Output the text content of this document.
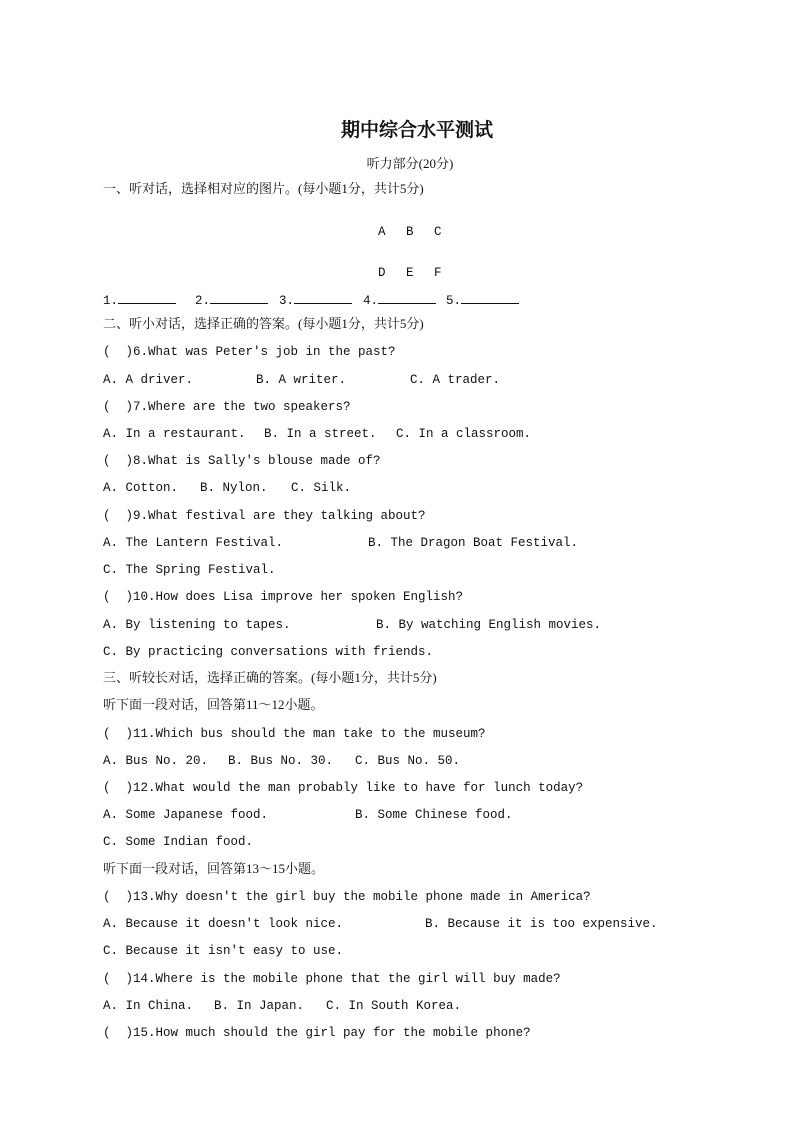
期中综合水平测试
听力部分(20分)
一、听对话，选择相对应的图片。(每小题1分，共计5分)
A B C
D E F
1.	2.	3.	4.	5.
二、听小对话，选择正确的答案。(每小题1分，共计5分)
(  )6.What was Peter's job in the past?
A. A driver.	B. A writer.	C. A trader.
(  )7.Where are the two speakers?
A. In a restaurant. B. In a street. C. In a classroom.
(  )8.What is Sally's blouse made of?
A. Cotton. B. Nylon. C. Silk.
(  )9.What festival are they talking about?
A. The Lantern Festival.	B. The Dragon Boat Festival.
C. The Spring Festival.
(  )10.How does Lisa improve her spoken English?
A. By listening to tapes.	B. By watching English movies.
C. By practicing conversations with friends.
三、听较长对话，选择正确的答案。(每小题1分，共计5分)
听下面一段对话，回答第11～12小题。
(  )11.Which bus should the man take to the museum?
A. Bus No. 20. B. Bus No. 30. C. Bus No. 50.
(  )12.What would the man probably like to have for lunch today?
A. Some Japanese food.	B. Some Chinese food.
C. Some Indian food.
听下面一段对话，回答第13～15小题。
(  )13.Why doesn't the girl buy the mobile phone made in America?
A. Because it doesn't look nice.	B. Because it is too expensive.
C. Because it isn't easy to use.
(  )14.Where is the mobile phone that the girl will buy made?
A. In China. B. In Japan. C. In South Korea.
(  )15.How much should the girl pay for the mobile phone?
